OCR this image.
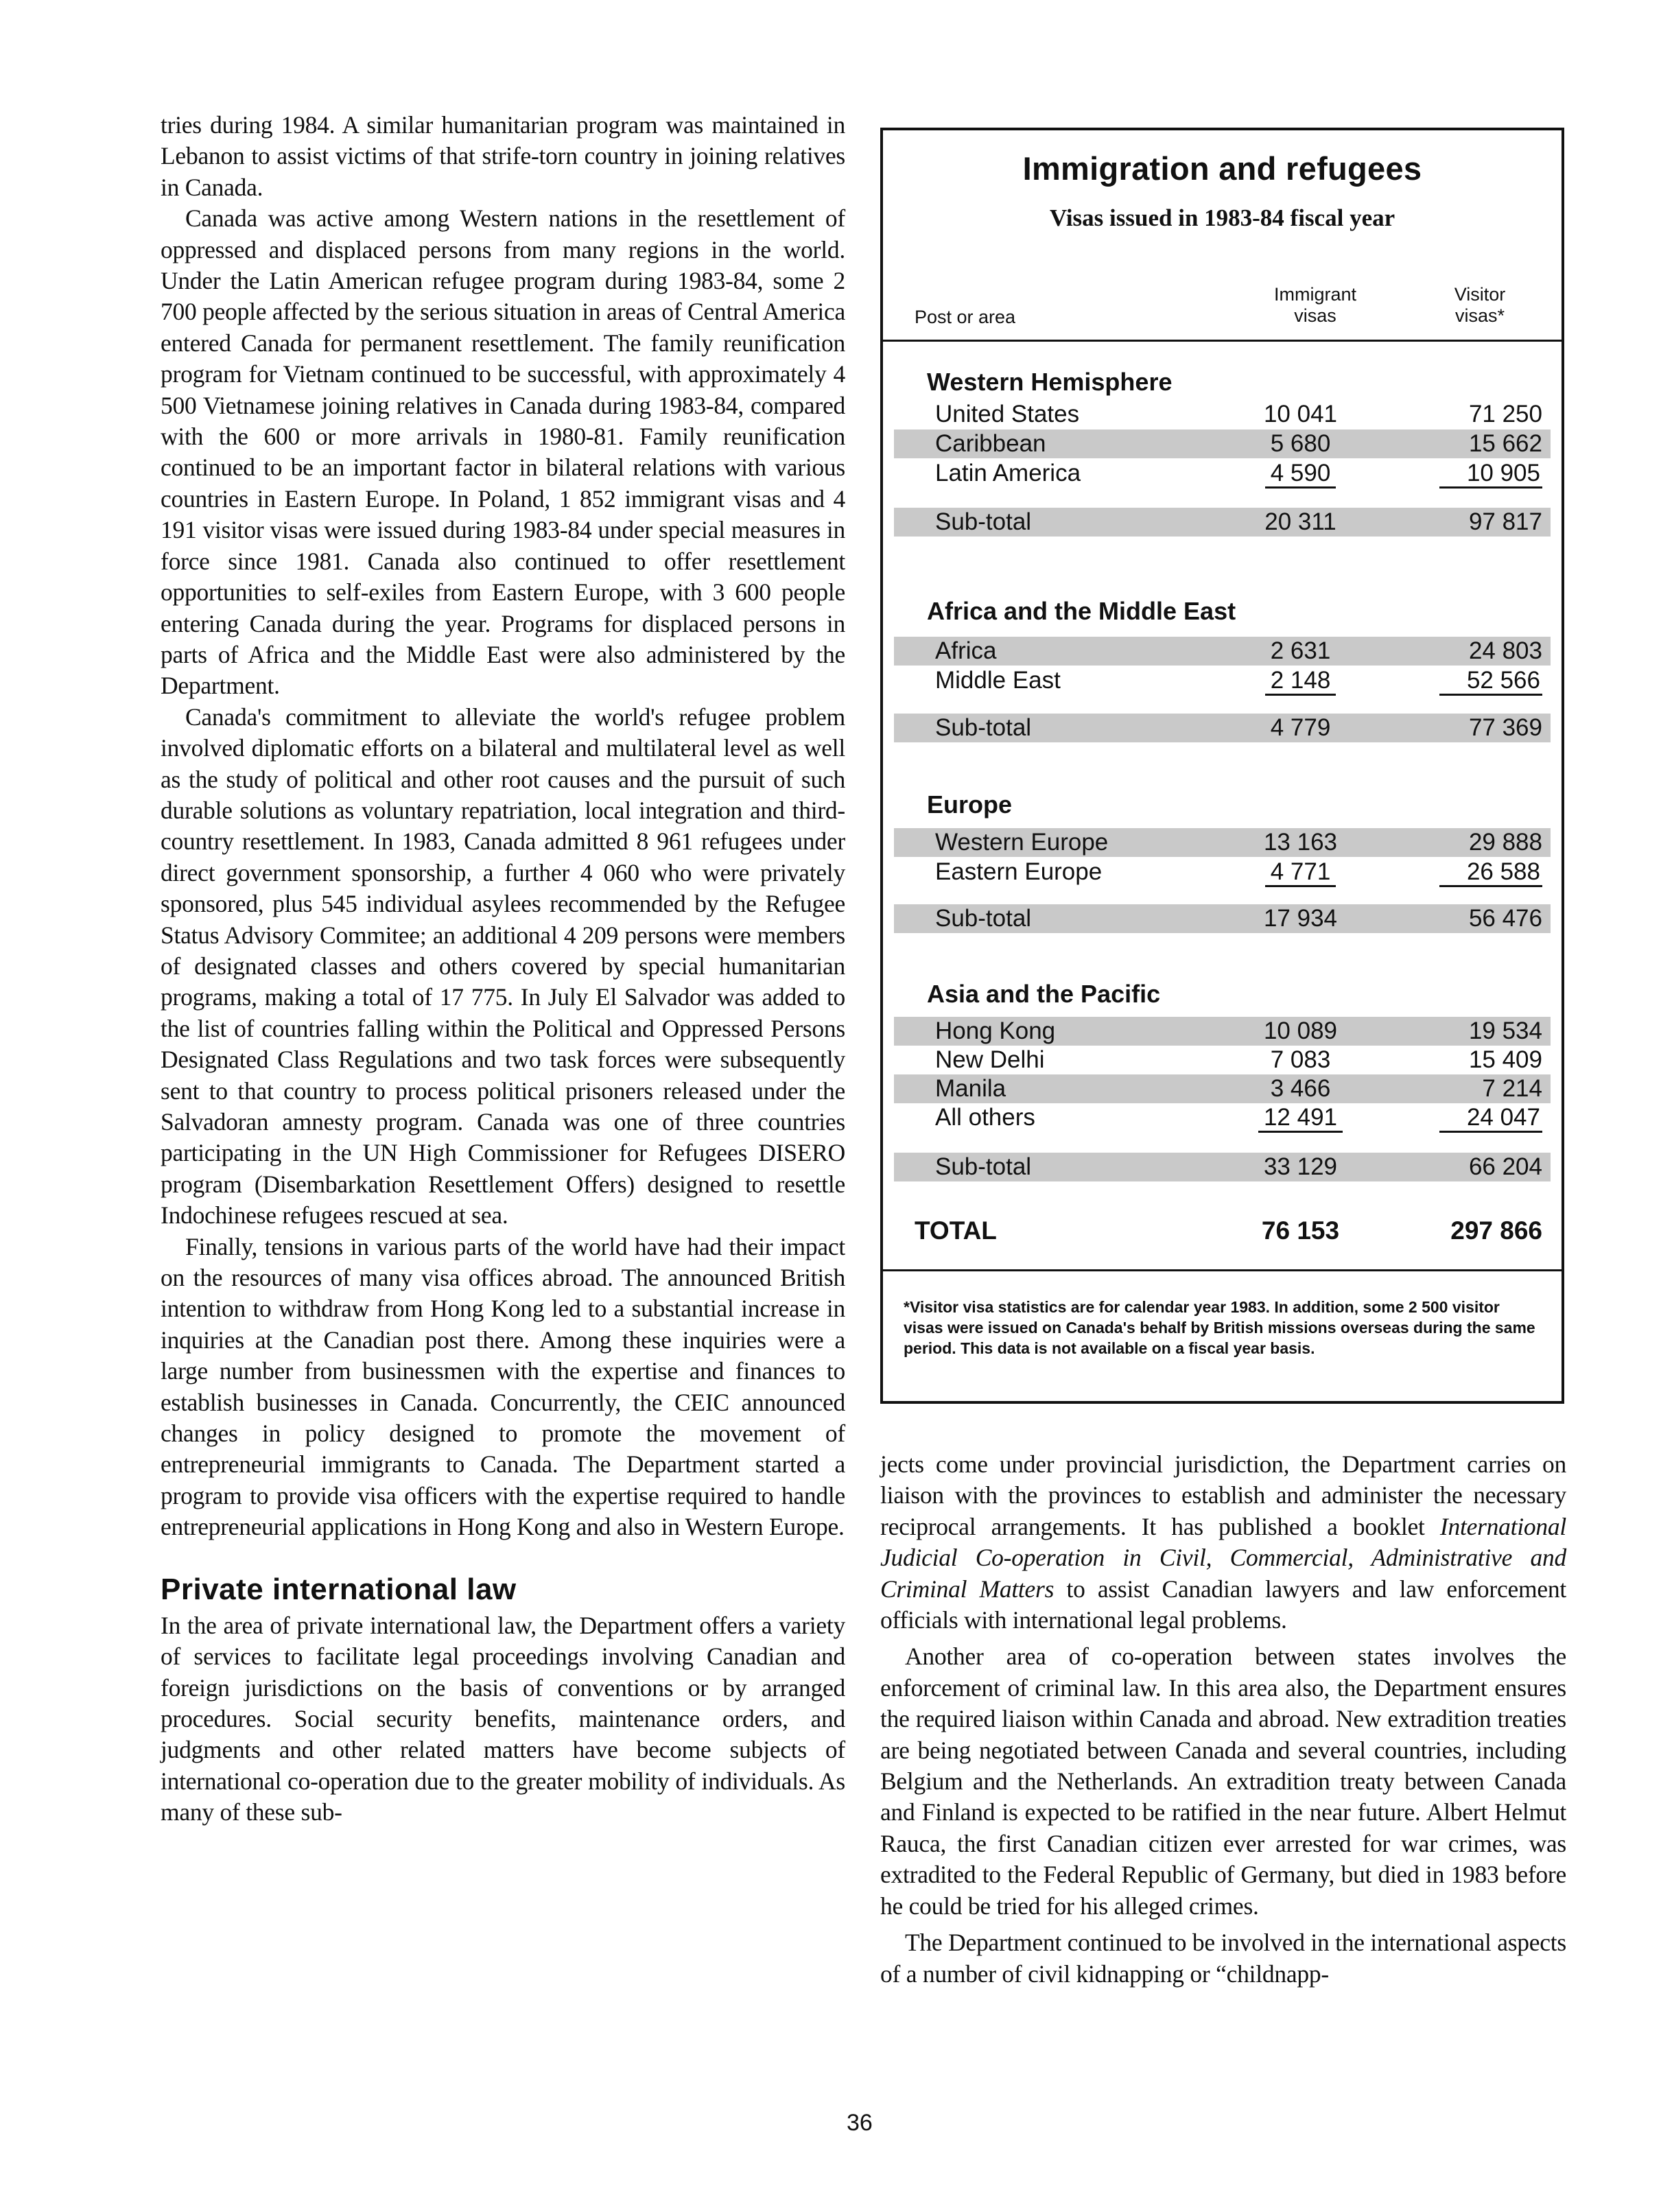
tries during 1984. A similar humanitarian program was maintained in Lebanon to assist victims of that strife-torn country in joining relatives in Canada.

Canada was active among Western nations in the resettlement of oppressed and displaced persons from many regions in the world. Under the Latin American refugee program during 1983-84, some 2 700 people affected by the serious situation in areas of Central America entered Canada for permanent resettlement. The family reunification program for Vietnam continued to be successful, with approximately 4 500 Vietnamese joining relatives in Canada during 1983-84, compared with the 600 or more arrivals in 1980-81. Family reunification continued to be an important factor in bilateral relations with various countries in Eastern Europe. In Poland, 1 852 immigrant visas and 4 191 visitor visas were issued during 1983-84 under special measures in force since 1981. Canada also continued to offer resettlement opportunities to self-exiles from Eastern Europe, with 3 600 people entering Canada during the year. Programs for displaced persons in parts of Africa and the Middle East were also administered by the Department.

Canada's commitment to alleviate the world's refugee problem involved diplomatic efforts on a bilateral and multilateral level as well as the study of political and other root causes and the pursuit of such durable solutions as voluntary repatriation, local integration and third-country resettlement. In 1983, Canada admitted 8 961 refugees under direct government sponsorship, a further 4 060 who were privately sponsored, plus 545 individual asylees recommended by the Refugee Status Advisory Commitee; an additional 4 209 persons were members of designated classes and others covered by special humanitarian programs, making a total of 17 775. In July El Salvador was added to the list of countries falling within the Political and Oppressed Persons Designated Class Regulations and two task forces were subsequently sent to that country to process political prisoners released under the Salvadoran amnesty program. Canada was one of three countries participating in the UN High Commissioner for Refugees DISERO program (Disembarkation Resettlement Offers) designed to resettle Indochinese refugees rescued at sea.

Finally, tensions in various parts of the world have had their impact on the resources of many visa offices abroad. The announced British intention to withdraw from Hong Kong led to a substantial increase in inquiries at the Canadian post there. Among these inquiries were a large number from businessmen with the expertise and finances to establish businesses in Canada. Concurrently, the CEIC announced changes in policy designed to promote the movement of entrepreneurial immigrants to Canada. The Department started a program to provide visa officers with the expertise required to handle entrepreneurial applications in Hong Kong and also in Western Europe.

Private international law

In the area of private international law, the Department offers a variety of services to facilitate legal proceedings involving Canadian and foreign jurisdictions on the basis of conventions or by arranged procedures. Social security benefits, maintenance orders, and judgments and other related matters have become subjects of international co-operation due to the greater mobility of individuals. As many of these sub-

Immigration and refugees
Visas issued in 1983-84 fiscal year
Post or area
Immigrant
visas
Visitor
visas*
Western Hemisphere
United States	10 041	71 250
Caribbean	5 680	15 662
Latin America	4 590	10 905
Sub-total	20 311	97 817
Africa and the Middle East
Africa	2 631	24 803
Middle East	2 148	52 566
Sub-total	4 779	77 369
Europe
Western Europe	13 163	29 888
Eastern Europe	4 771	26 588
Sub-total	17 934	56 476
Asia and the Pacific
Hong Kong	10 089	19 534
New Delhi	7 083	15 409
Manila	3 466	7 214
All others	12 491	24 047
Sub-total	33 129	66 204
TOTAL	76 153	297 866
*Visitor visa statistics are for calendar year 1983. In addition, some 2 500 visitor visas were issued on Canada's behalf by British missions overseas during the same period. This data is not available on a fiscal year basis.

jects come under provincial jurisdiction, the Department carries on liaison with the provinces to establish and administer the necessary reciprocal arrangements. It has published a booklet International Judicial Co-operation in Civil, Commercial, Administrative and Criminal Matters to assist Canadian lawyers and law enforcement officials with international legal problems.

Another area of co-operation between states involves the enforcement of criminal law. In this area also, the Department ensures the required liaison within Canada and abroad. New extradition treaties are being negotiated between Canada and several countries, including Belgium and the Netherlands. An extradition treaty between Canada and Finland is expected to be ratified in the near future. Albert Helmut Rauca, the first Canadian citizen ever arrested for war crimes, was extradited to the Federal Republic of Germany, but died in 1983 before he could be tried for his alleged crimes.

The Department continued to be involved in the international aspects of a number of civil kidnapping or “childnapp-

36
